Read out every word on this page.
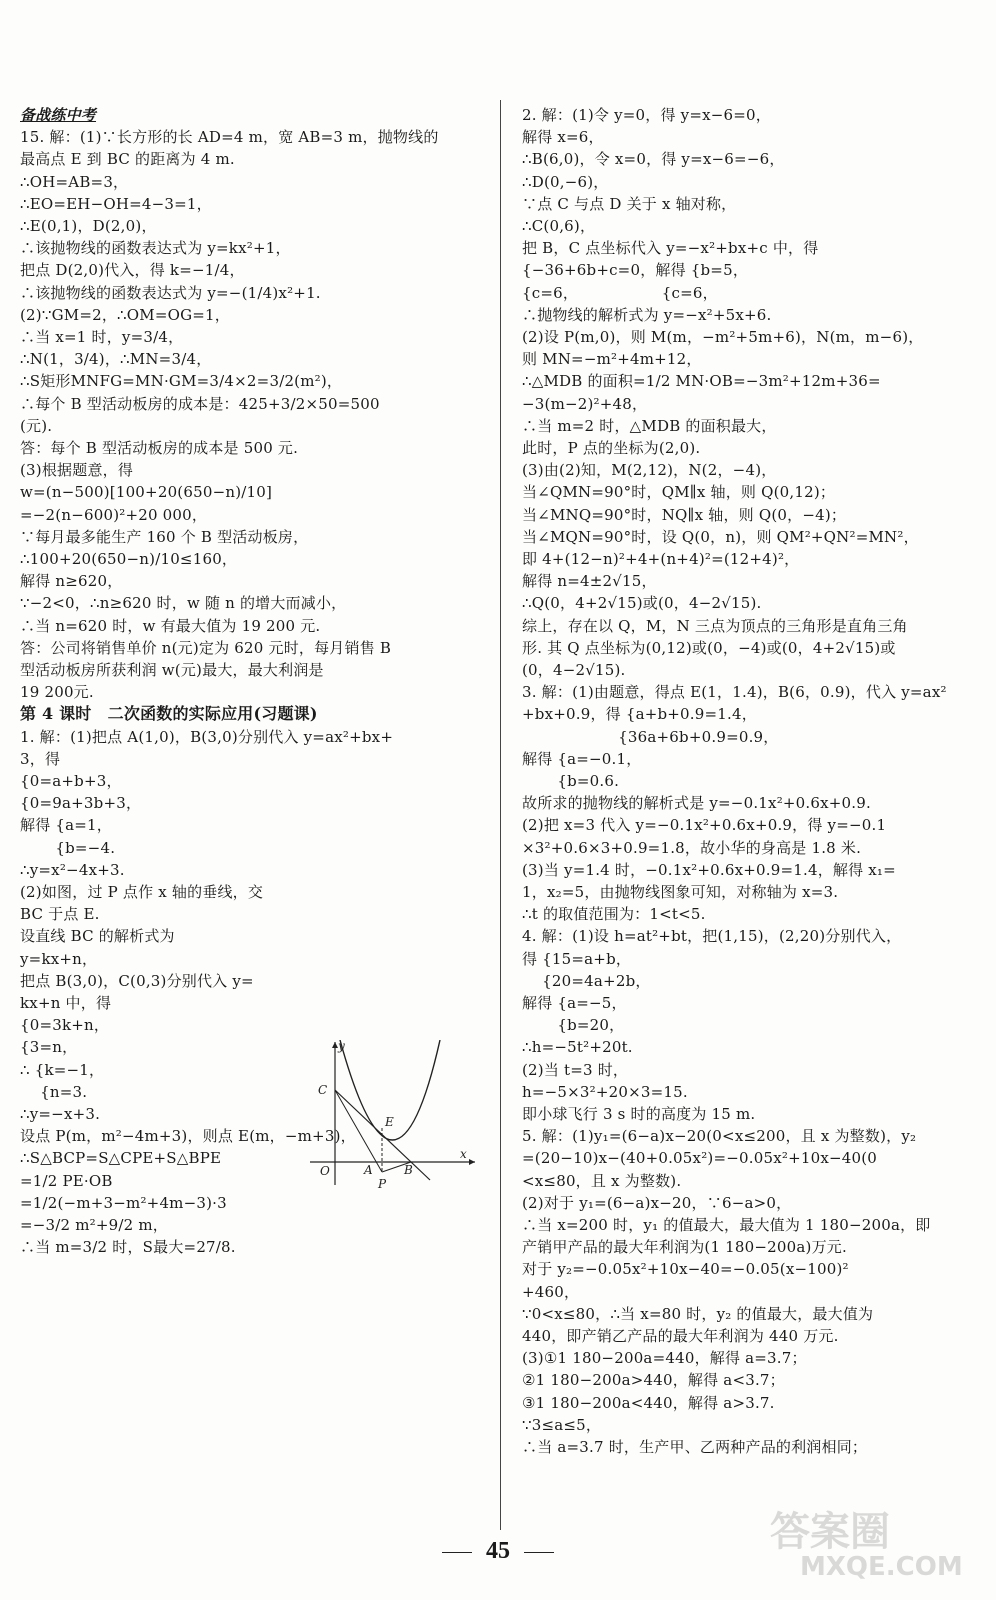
备战练中考
15. 解：(1)∵长方形的长 AD=4 m，宽 AB=3 m，抛物线的
最高点 E 到 BC 的距离为 4 m.
∴OH=AB=3，
∴EO=EH−OH=4−3=1，
∴E(0,1)，D(2,0)，
∴该抛物线的函数表达式为 y=kx²+1，
把点 D(2,0)代入，得 k=−1/4，
∴该抛物线的函数表达式为 y=−(1/4)x²+1.
(2)∵GM=2，∴OM=OG=1，
∴当 x=1 时，y=3/4，
∴N(1，3/4)，∴MN=3/4，
∴S矩形MNFG=MN·GM=3/4×2=3/2(m²)，
∴每个 B 型活动板房的成本是：425+3/2×50=500
(元).
答：每个 B 型活动板房的成本是 500 元.
(3)根据题意，得
w=(n−500)[100+20(650−n)/10]
=−2(n−600)²+20 000，
∵每月最多能生产 160 个 B 型活动板房，
∴100+20(650−n)/10≤160，
解得 n≥620，
∵−2<0，∴n≥620 时，w 随 n 的增大而减小，
∴当 n=620 时，w 有最大值为 19 200 元.
答：公司将销售单价 n(元)定为 620 元时，每月销售 B
型活动板房所获利润 w(元)最大，最大利润是
19 200元.
第 4 课时　二次函数的实际应用(习题课)
1. 解：(1)把点 A(1,0)，B(3,0)分别代入 y=ax²+bx+
3，得
{0=a+b+3，
{0=9a+3b+3，
解得 {a=1，
　　 {b=−4.
∴y=x²−4x+3.
(2)如图，过 P 点作 x 轴的垂线，交
BC 于点 E.
设直线 BC 的解析式为
y=kx+n，
把点 B(3,0)，C(0,3)分别代入 y=
kx+n 中，得
{0=3k+n，
{3=n，
∴ {k=−1，
　 {n=3.
∴y=−x+3.
设点 P(m，m²−4m+3)，则点 E(m，−m+3)，
∴S△BCP=S△CPE+S△BPE
=1/2 PE·OB
=1/2(−m+3−m²+4m−3)·3
=−3/2 m²+9/2 m，
∴当 m=3/2 时，S最大=27/8.
2. 解：(1)令 y=0，得 y=x−6=0，
解得 x=6，
∴B(6,0)，令 x=0，得 y=x−6=−6，
∴D(0,−6)，
∵点 C 与点 D 关于 x 轴对称，
∴C(0,6)，
把 B，C 点坐标代入 y=−x²+bx+c 中，得
{−36+6b+c=0，解得 {b=5，
{c=6，　　　　　　{c=6，
∴抛物线的解析式为 y=−x²+5x+6.
(2)设 P(m,0)，则 M(m，−m²+5m+6)，N(m，m−6)，
则 MN=−m²+4m+12，
∴△MDB 的面积=1/2 MN·OB=−3m²+12m+36=
−3(m−2)²+48，
∴当 m=2 时，△MDB 的面积最大，
此时，P 点的坐标为(2,0).
(3)由(2)知，M(2,12)，N(2，−4)，
当∠QMN=90°时，QM∥x 轴，则 Q(0,12)；
当∠MNQ=90°时，NQ∥x 轴，则 Q(0，−4)；
当∠MQN=90°时，设 Q(0，n)，则 QM²+QN²=MN²，
即 4+(12−n)²+4+(n+4)²=(12+4)²，
解得 n=4±2√15，
∴Q(0，4+2√15)或(0，4−2√15).
综上，存在以 Q，M，N 三点为顶点的三角形是直角三角
形. 其 Q 点坐标为(0,12)或(0，−4)或(0，4+2√15)或
(0，4−2√15).
3. 解：(1)由题意，得点 E(1，1.4)，B(6，0.9)，代入 y=ax²
+bx+0.9，得 {a+b+0.9=1.4，
　　　　　　 {36a+6b+0.9=0.9，
解得 {a=−0.1，
　　 {b=0.6.
故所求的抛物线的解析式是 y=−0.1x²+0.6x+0.9.
(2)把 x=3 代入 y=−0.1x²+0.6x+0.9，得 y=−0.1
×3²+0.6×3+0.9=1.8，故小华的身高是 1.8 米.
(3)当 y=1.4 时，−0.1x²+0.6x+0.9=1.4，解得 x₁=
1，x₂=5，由抛物线图象可知，对称轴为 x=3.
∴t 的取值范围为：1<t<5.
4. 解：(1)设 h=at²+bt，把(1,15)，(2,20)分别代入，
得 {15=a+b，
　 {20=4a+2b，
解得 {a=−5，
　　 {b=20，
∴h=−5t²+20t.
(2)当 t=3 时，
h=−5×3²+20×3=15.
即小球飞行 3 s 时的高度为 15 m.
5. 解：(1)y₁=(6−a)x−20(0<x≤200，且 x 为整数)，y₂
=(20−10)x−(40+0.05x²)=−0.05x²+10x−40(0
<x≤80，且 x 为整数).
(2)对于 y₁=(6−a)x−20，∵6−a>0，
∴当 x=200 时，y₁ 的值最大，最大值为 1 180−200a，即
产销甲产品的最大年利润为(1 180−200a)万元.
对于 y₂=−0.05x²+10x−40=−0.05(x−100)²
+460，
∵0<x≤80，∴当 x=80 时，y₂ 的值最大，最大值为
440，即产销乙产品的最大年利润为 440 万元.
(3)①1 180−200a=440，解得 a=3.7；
②1 180−200a>440，解得 a<3.7；
③1 180−200a<440，解得 a>3.7.
∵3≤a≤5，
∴当 a=3.7 时，生产甲、乙两种产品的利润相同；
y
x
O
C
E
A	B
P
45	答案圈
MXQE.COM
